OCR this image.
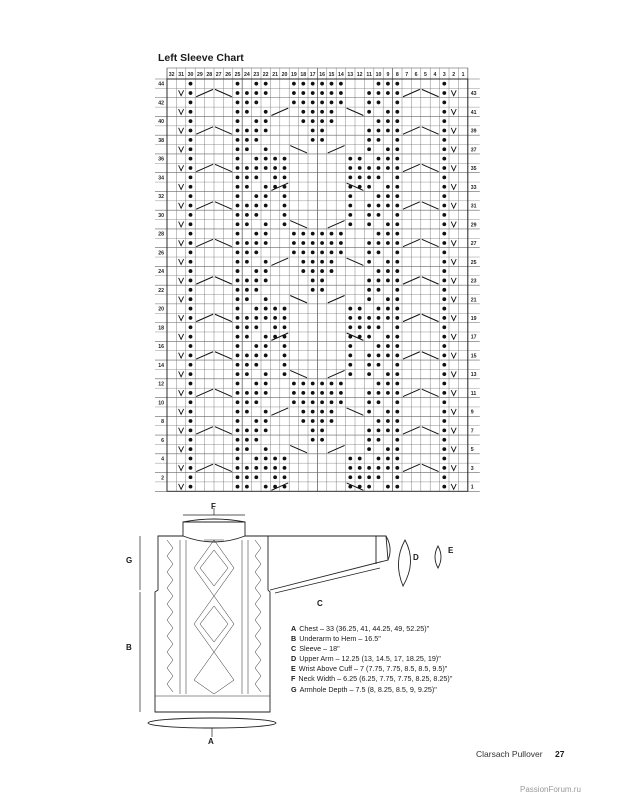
Left Sleeve Chart
32 31 30 29 28 27 26 25 24 23 22 21 20 19 18 17 16 15 14 13 12 11 10 9 8 7 6 5 4 3 2 1
44
42
40
38
36
34
32
30
28
26
24
22
20
18
16
14
12
10
8
6
4
2
43
41
39
37
35
33
31
29
27
25
23
21
19
17
15
13
11
9
7
5
3
1
F
G
B
C
D
E
A
A Chest – 33 (36.25, 41, 44.25, 49, 52.25)"
B Underarm to Hem – 16.5"
C Sleeve – 18"
D Upper Arm – 12.25 (13, 14.5, 17, 18.25, 19)"
E Wrist Above Cuff – 7 (7.75, 7.75, 8.5, 8.5, 9.5)"
F Neck Width – 6.25 (6.25, 7.75, 7.75, 8.25, 8.25)"
G Armhole Depth – 7.5 (8, 8.25, 8.5, 9, 9.25)"
Clarsach Pullover 27
PassionForum.ru
